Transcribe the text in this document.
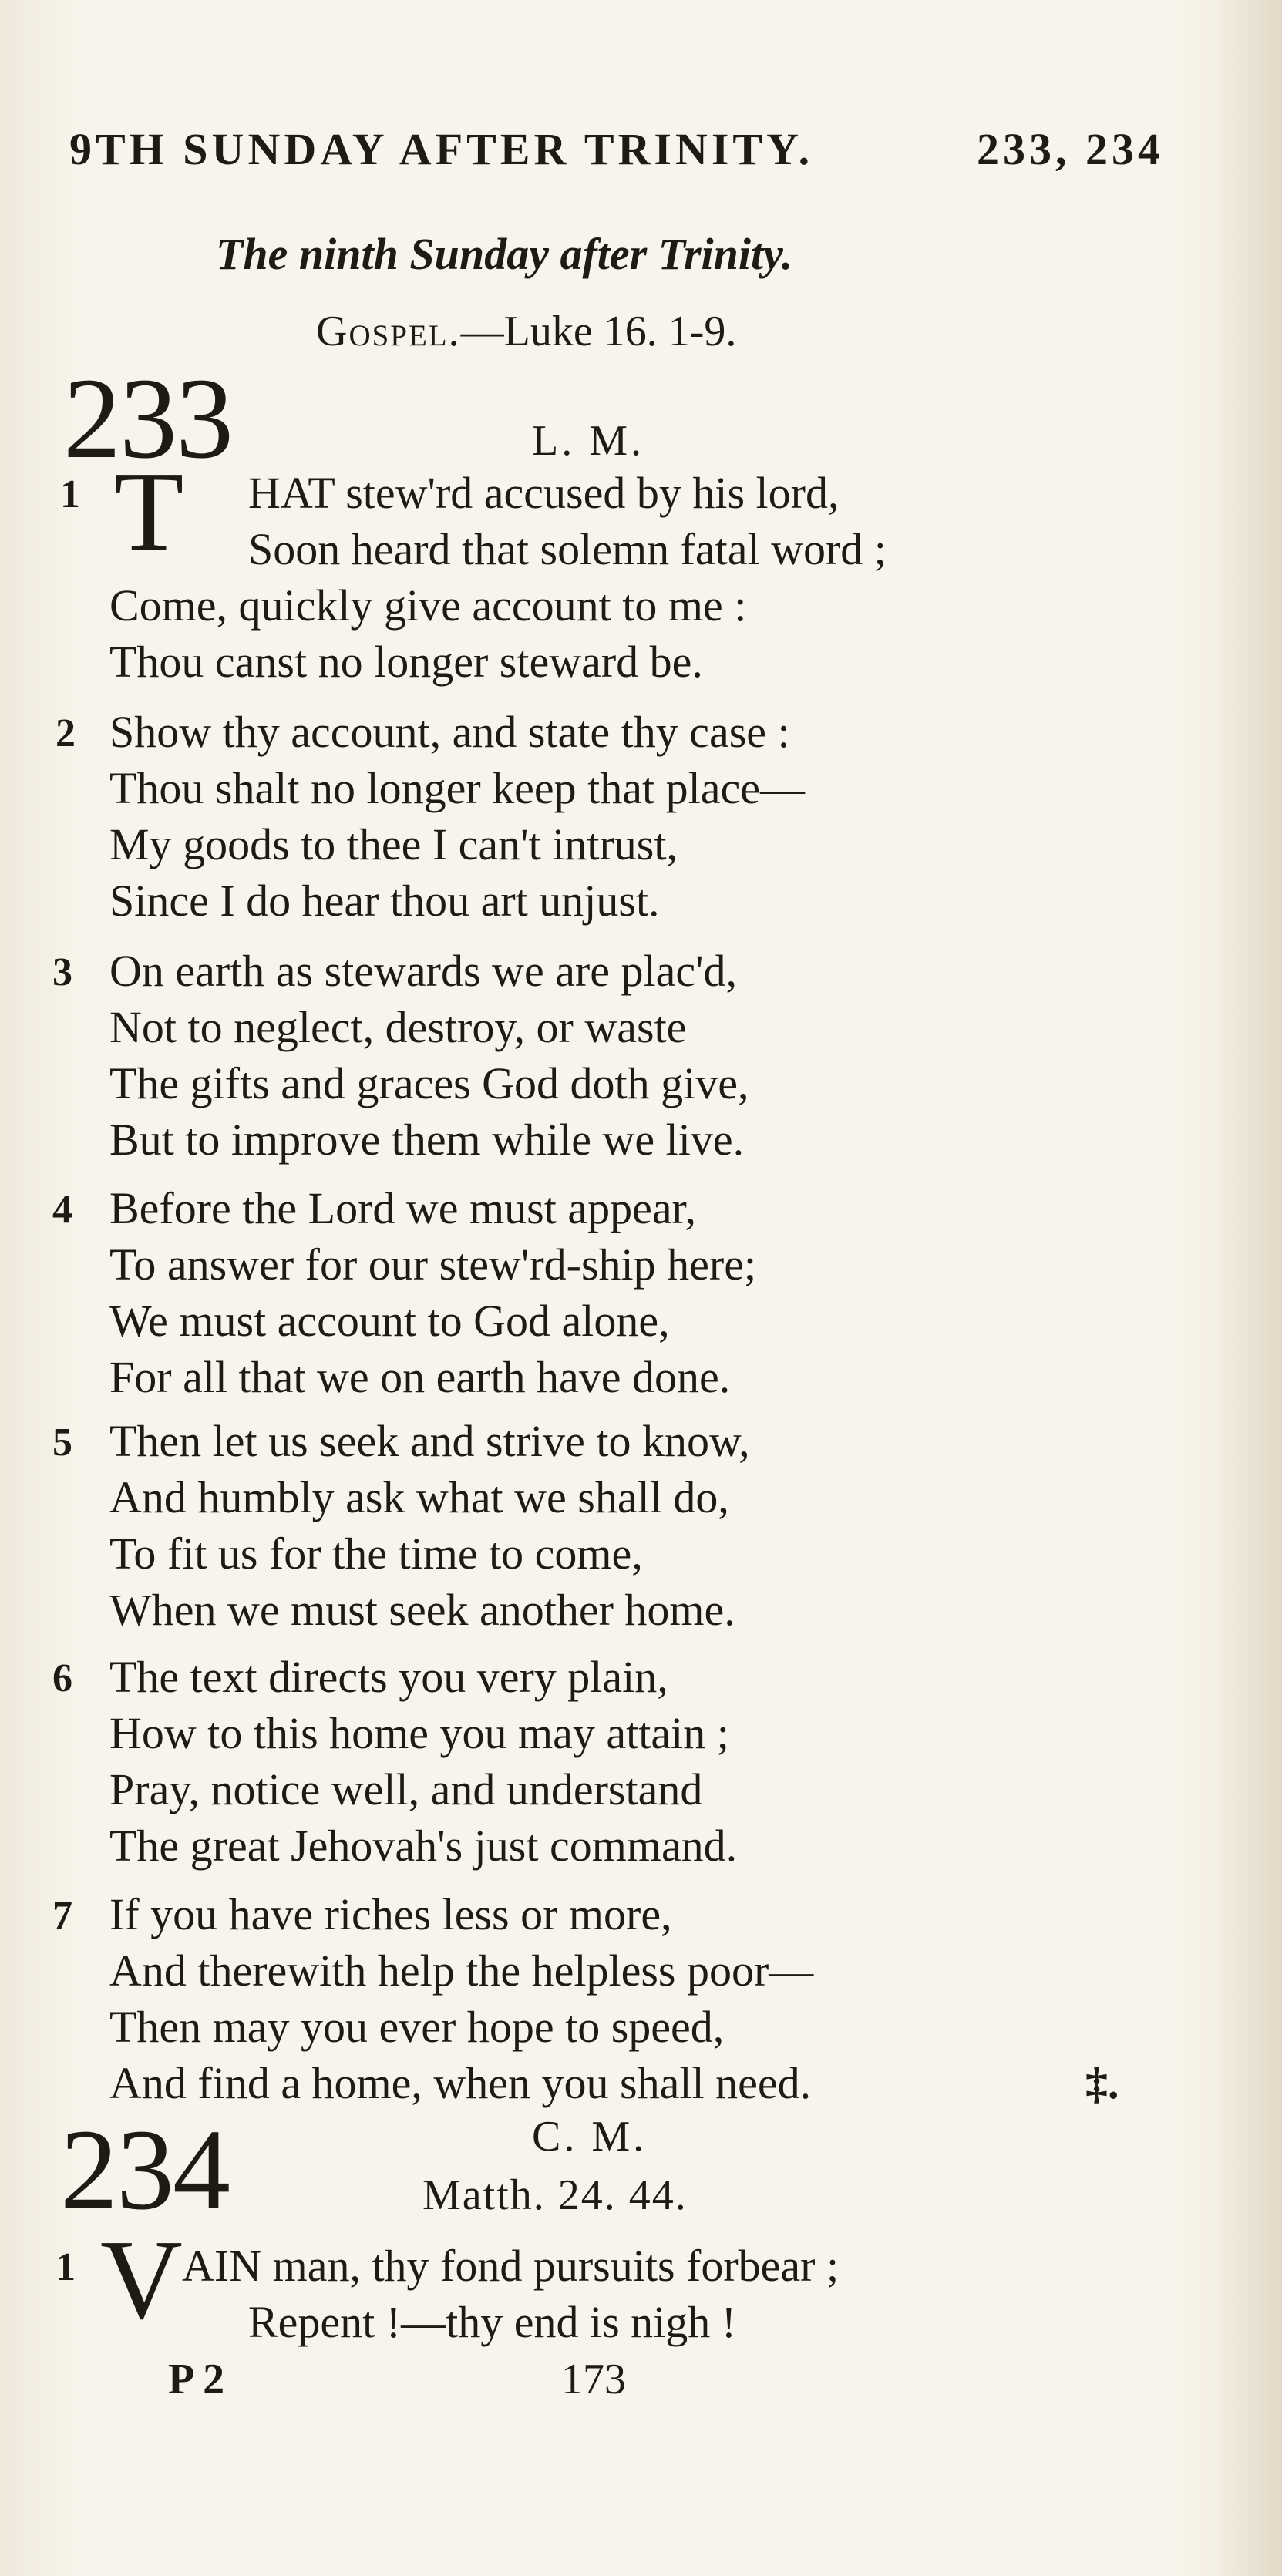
9TH SUNDAY AFTER TRINITY.	233, 234
The ninth Sunday after Trinity.
Gospel.—Luke 16. 1-9.
233	L. M.
1 T HAT stew'rd accused by his lord,
Soon heard that solemn fatal word ;
Come, quickly give account to me :
Thou canst no longer steward be.
2 Show thy account, and state thy case :
Thou shalt no longer keep that place—
My goods to thee I can't intrust,
Since I do hear thou art unjust.
3 On earth as stewards we are plac'd,
Not to neglect, destroy, or waste
The gifts and graces God doth give,
But to improve them while we live.
4 Before the Lord we must appear,
To answer for our stew'rd-ship here;
We must account to God alone,
For all that we on earth have done.
5 Then let us seek and strive to know,
And humbly ask what we shall do,
To fit us for the time to come,
When we must seek another home.
6 The text directs you very plain,
How to this home you may attain ;
Pray, notice well, and understand
The great Jehovah's just command.
7 If you have riches less or more,
And therewith help the helpless poor—
Then may you ever hope to speed,
And find a home, when you shall need.	‡.
234	C. M.
Matth. 24. 44.
1 V AIN man, thy fond pursuits forbear ;
Repent !—thy end is nigh !
P 2	173
